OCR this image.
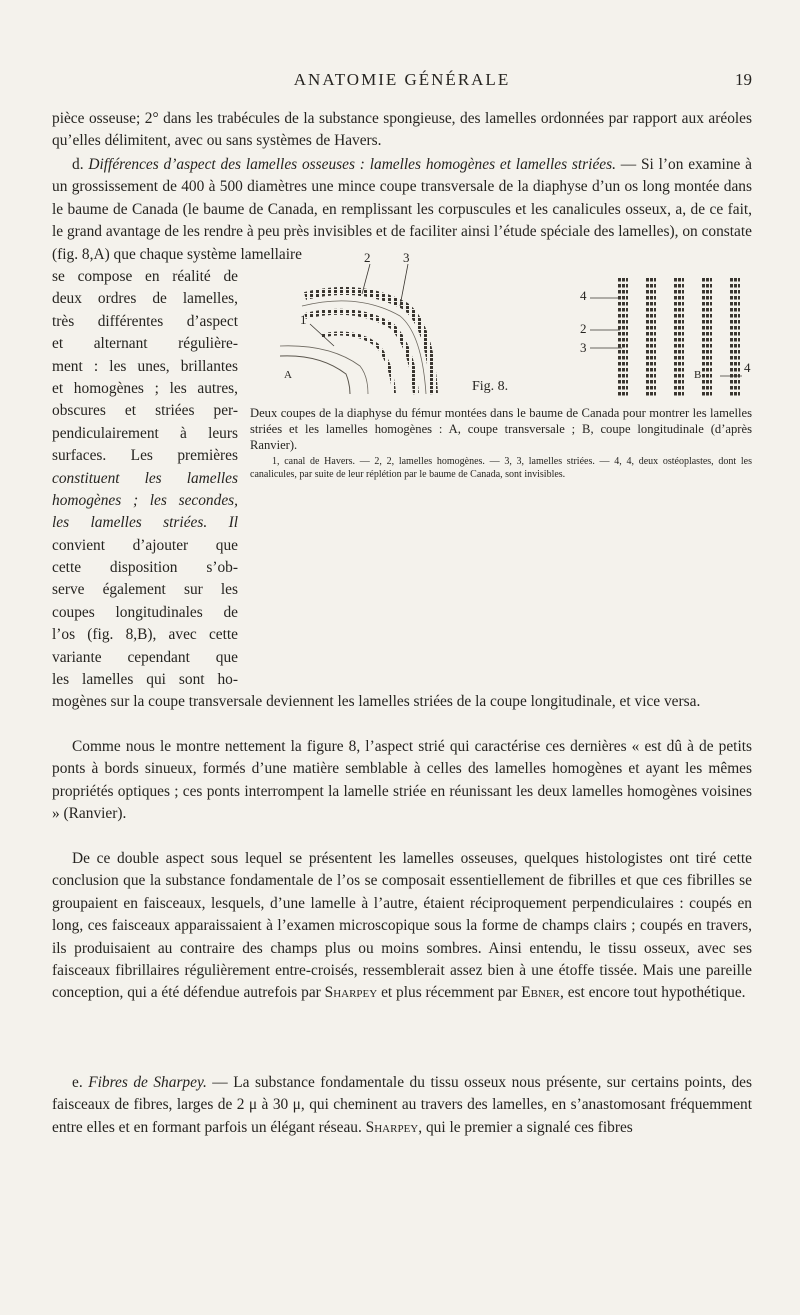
ANATOMIE GÉNÉRALE	19

pièce osseuse; 2° dans les trabécules de la substance spongieuse, des lamelles ordonnées par rapport aux aréoles qu’elles délimitent, avec ou sans systèmes de Havers.

d. Différences d’aspect des lamelles osseuses : lamelles homogènes et lamelles striées. — Si l’on examine à un grossissement de 400 à 500 diamètres une mince coupe transversale de la diaphyse d’un os long montée dans le baume de Canada (le baume de Canada, en remplissant les corpuscules et les canalicules osseux, a, de ce fait, le grand avantage de les rendre à peu près invisibles et de faciliter ainsi l’étude spéciale des lamelles), on constate (fig. 8,A) que chaque système lamellaire

se compose en réalité de
deux ordres de lamelles,
très différentes d’aspect
et alternant régulière-
ment : les unes, brillantes
et homogènes ; les autres,
obscures et striées per-
pendiculairement à leurs
surfaces. Les premières
constituent les lamelles
homogènes ; les secondes,
les lamelles striées. Il
convient d’ajouter que
cette disposition s’ob-
serve également sur les
coupes longitudinales de
l’os (fig. 8,B), avec cette
variante cependant que
les lamelles qui sont ho-
2	3
1
4
2
3
4
A
Fig. 8.
B

Deux coupes de la diaphyse du fémur montées dans le baume de Canada pour montrer les lamelles striées et les lamelles homogènes : A, coupe transversale ; B, coupe longitudinale (d’après Ranvier).

1, canal de Havers. — 2, 2, lamelles homogènes. — 3, 3, lamelles striées. — 4, 4, deux ostéoplastes, dont les canalicules, par suite de leur réplétion par le baume de Canada, sont invisibles.

mogènes sur la coupe transversale deviennent les lamelles striées de la coupe longitudinale, et vice versa.

Comme nous le montre nettement la figure 8, l’aspect strié qui caractérise ces dernières « est dû à de petits ponts à bords sinueux, formés d’une matière semblable à celles des lamelles homogènes et ayant les mêmes propriétés optiques ; ces ponts interrompent la lamelle striée en réunissant les deux lamelles homogènes voisines » (Ranvier).

De ce double aspect sous lequel se présentent les lamelles osseuses, quelques histologistes ont tiré cette conclusion que la substance fondamentale de l’os se composait essentiellement de fibrilles et que ces fibrilles se groupaient en faisceaux, lesquels, d’une lamelle à l’autre, étaient réciproquement perpendiculaires : coupés en long, ces faisceaux apparaissaient à l’examen microscopique sous la forme de champs clairs ; coupés en travers, ils produisaient au contraire des champs plus ou moins sombres. Ainsi entendu, le tissu osseux, avec ses faisceaux fibrillaires régulièrement entre-croisés, ressemblerait assez bien à une étoffe tissée. Mais une pareille conception, qui a été défendue autrefois par Sharpey et plus récemment par Ebner, est encore tout hypothétique.

e. Fibres de Sharpey. — La substance fondamentale du tissu osseux nous présente, sur certains points, des faisceaux de fibres, larges de 2 μ à 30 μ, qui cheminent au travers des lamelles, en s’anastomosant fréquemment entre elles et en formant parfois un élégant réseau. Sharpey, qui le premier a signalé ces fibres
